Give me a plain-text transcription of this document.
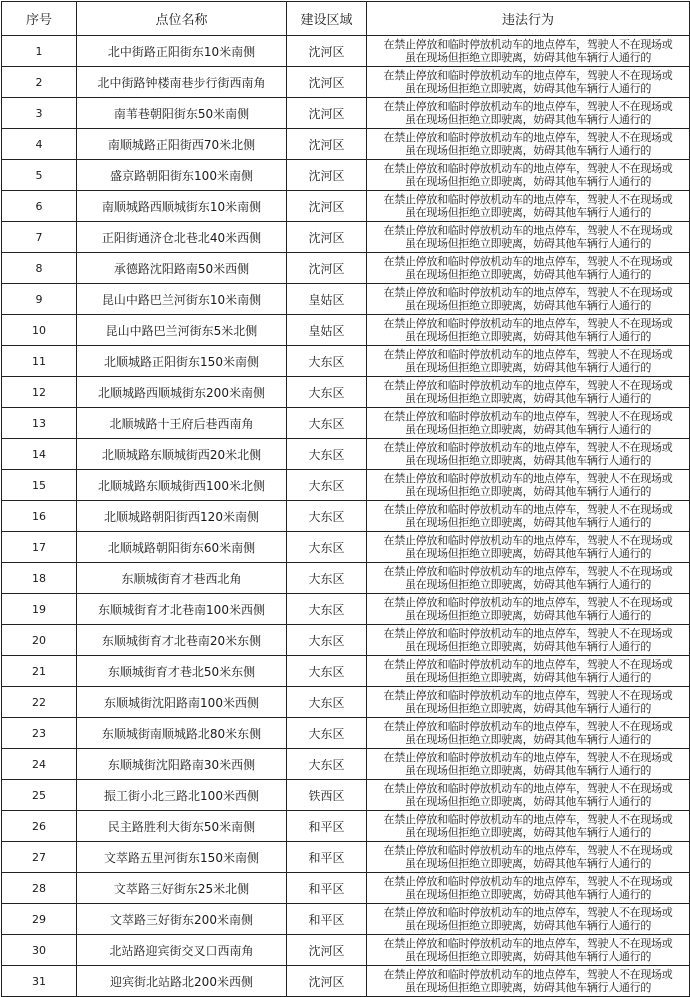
序号	点位名称	建设区域	违法行为
1	北中街路正阳街东10米南侧	沈河区	在禁止停放和临时停放机动车的地点停车，驾驶人不在现场或
虽在现场但拒绝立即驶离，妨碍其他车辆行人通行的

2	北中街路钟楼南巷步行街西南角	沈河区	在禁止停放和临时停放机动车的地点停车，驾驶人不在现场或
虽在现场但拒绝立即驶离，妨碍其他车辆行人通行的

3	南苇巷朝阳街东50米南侧	沈河区	在禁止停放和临时停放机动车的地点停车，驾驶人不在现场或
虽在现场但拒绝立即驶离，妨碍其他车辆行人通行的

4	南顺城路正阳街西70米北侧	沈河区	在禁止停放和临时停放机动车的地点停车，驾驶人不在现场或
虽在现场但拒绝立即驶离，妨碍其他车辆行人通行的

5	盛京路朝阳街东100米南侧	沈河区	在禁止停放和临时停放机动车的地点停车，驾驶人不在现场或
虽在现场但拒绝立即驶离，妨碍其他车辆行人通行的

6	南顺城路西顺城街东10米南侧	沈河区	在禁止停放和临时停放机动车的地点停车，驾驶人不在现场或
虽在现场但拒绝立即驶离，妨碍其他车辆行人通行的

7	正阳街通济仓北巷北40米西侧	沈河区	在禁止停放和临时停放机动车的地点停车，驾驶人不在现场或
虽在现场但拒绝立即驶离，妨碍其他车辆行人通行的

8	承德路沈阳路南50米西侧	沈河区	在禁止停放和临时停放机动车的地点停车，驾驶人不在现场或
虽在现场但拒绝立即驶离，妨碍其他车辆行人通行的

9	昆山中路巴兰河街东10米南侧	皇姑区	在禁止停放和临时停放机动车的地点停车，驾驶人不在现场或
虽在现场但拒绝立即驶离，妨碍其他车辆行人通行的

10	昆山中路巴兰河街东5米北侧	皇姑区	在禁止停放和临时停放机动车的地点停车，驾驶人不在现场或
虽在现场但拒绝立即驶离，妨碍其他车辆行人通行的

11	北顺城路正阳街东150米南侧	大东区	在禁止停放和临时停放机动车的地点停车，驾驶人不在现场或
虽在现场但拒绝立即驶离，妨碍其他车辆行人通行的

12	北顺城路西顺城街东200米南侧	大东区	在禁止停放和临时停放机动车的地点停车，驾驶人不在现场或
虽在现场但拒绝立即驶离，妨碍其他车辆行人通行的

13	北顺城路十王府后巷西南角	大东区	在禁止停放和临时停放机动车的地点停车，驾驶人不在现场或
虽在现场但拒绝立即驶离，妨碍其他车辆行人通行的

14	北顺城路东顺城街西20米北侧	大东区	在禁止停放和临时停放机动车的地点停车，驾驶人不在现场或
虽在现场但拒绝立即驶离，妨碍其他车辆行人通行的

15	北顺城路东顺城街西100米北侧	大东区	在禁止停放和临时停放机动车的地点停车，驾驶人不在现场或
虽在现场但拒绝立即驶离，妨碍其他车辆行人通行的

16	北顺城路朝阳街西120米南侧	大东区	在禁止停放和临时停放机动车的地点停车，驾驶人不在现场或
虽在现场但拒绝立即驶离，妨碍其他车辆行人通行的

17	北顺城路朝阳街东60米南侧	大东区	在禁止停放和临时停放机动车的地点停车，驾驶人不在现场或
虽在现场但拒绝立即驶离，妨碍其他车辆行人通行的

18	东顺城街育才巷西北角	大东区	在禁止停放和临时停放机动车的地点停车，驾驶人不在现场或
虽在现场但拒绝立即驶离，妨碍其他车辆行人通行的

19	东顺城街育才北巷南100米西侧	大东区	在禁止停放和临时停放机动车的地点停车，驾驶人不在现场或
虽在现场但拒绝立即驶离，妨碍其他车辆行人通行的

20	东顺城街育才北巷南20米东侧	大东区	在禁止停放和临时停放机动车的地点停车，驾驶人不在现场或
虽在现场但拒绝立即驶离，妨碍其他车辆行人通行的

21	东顺城街育才巷北50米东侧	大东区	在禁止停放和临时停放机动车的地点停车，驾驶人不在现场或
虽在现场但拒绝立即驶离，妨碍其他车辆行人通行的

22	东顺城街沈阳路南100米西侧	大东区	在禁止停放和临时停放机动车的地点停车，驾驶人不在现场或
虽在现场但拒绝立即驶离，妨碍其他车辆行人通行的

23	东顺城街南顺城路北80米东侧	大东区	在禁止停放和临时停放机动车的地点停车，驾驶人不在现场或
虽在现场但拒绝立即驶离，妨碍其他车辆行人通行的

24	东顺城街沈阳路南30米西侧	大东区	在禁止停放和临时停放机动车的地点停车，驾驶人不在现场或
虽在现场但拒绝立即驶离，妨碍其他车辆行人通行的

25	振工街小北三路北100米西侧	铁西区	在禁止停放和临时停放机动车的地点停车，驾驶人不在现场或
虽在现场但拒绝立即驶离，妨碍其他车辆行人通行的

26	民主路胜利大街东50米南侧	和平区	在禁止停放和临时停放机动车的地点停车，驾驶人不在现场或
虽在现场但拒绝立即驶离，妨碍其他车辆行人通行的

27	文萃路五里河街东150米南侧	和平区	在禁止停放和临时停放机动车的地点停车，驾驶人不在现场或
虽在现场但拒绝立即驶离，妨碍其他车辆行人通行的

28	文萃路三好街东25米北侧	和平区	在禁止停放和临时停放机动车的地点停车，驾驶人不在现场或
虽在现场但拒绝立即驶离，妨碍其他车辆行人通行的

29	文萃路三好街东200米南侧	和平区	在禁止停放和临时停放机动车的地点停车，驾驶人不在现场或
虽在现场但拒绝立即驶离，妨碍其他车辆行人通行的

30	北站路迎宾街交叉口西南角	沈河区	在禁止停放和临时停放机动车的地点停车，驾驶人不在现场或
虽在现场但拒绝立即驶离，妨碍其他车辆行人通行的

31	迎宾街北站路北200米西侧	沈河区	在禁止停放和临时停放机动车的地点停车，驾驶人不在现场或
虽在现场但拒绝立即驶离，妨碍其他车辆行人通行的
